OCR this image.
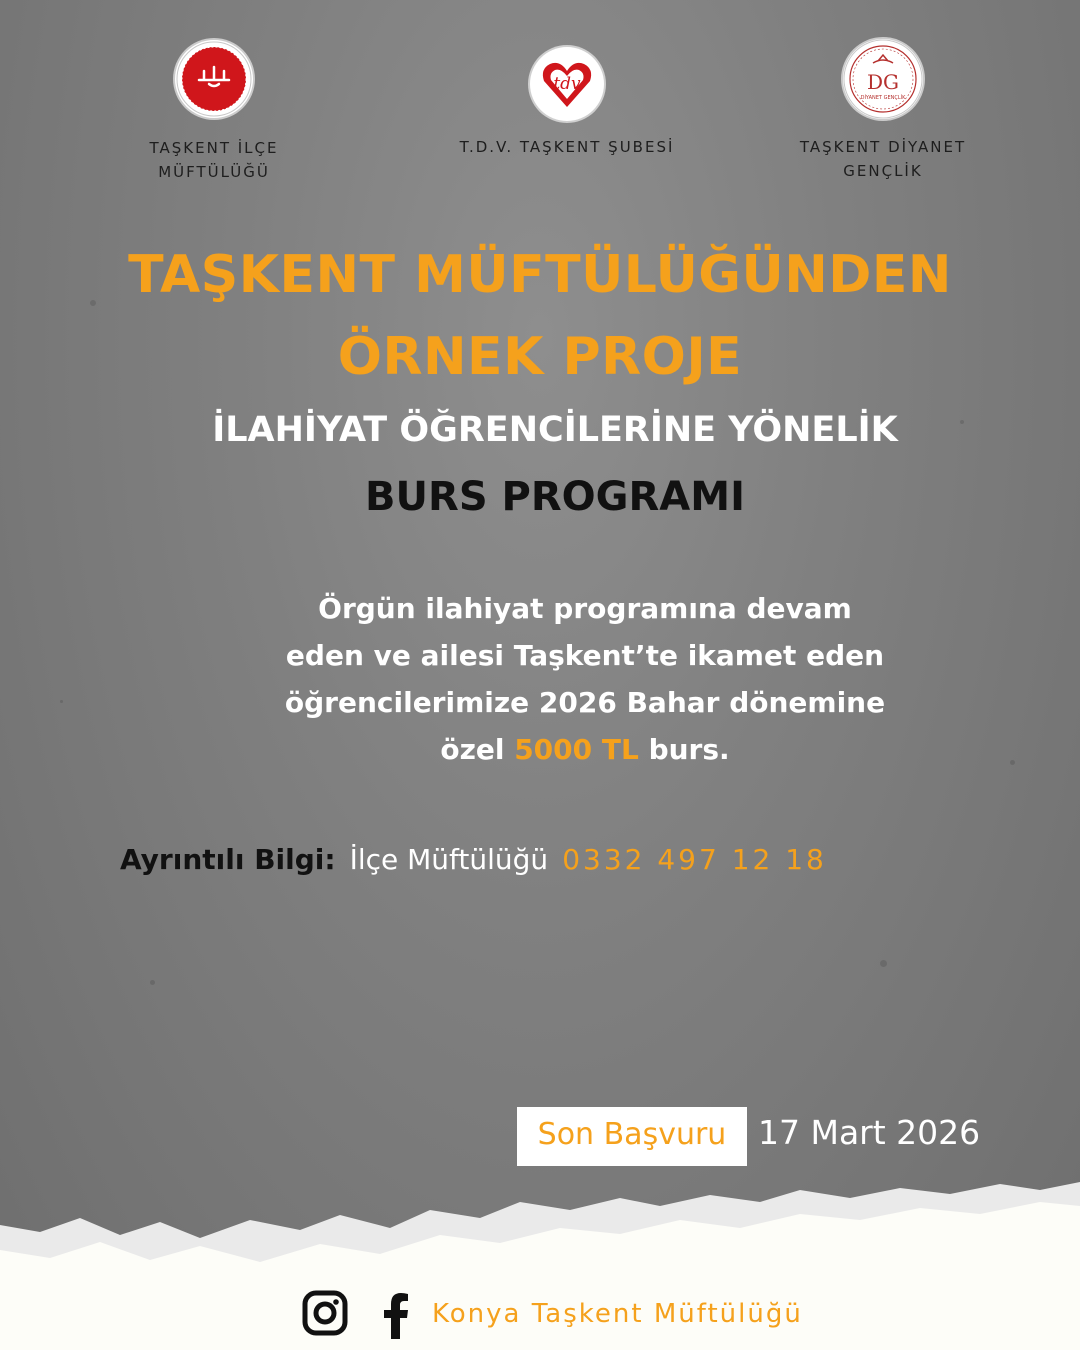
TAŞKENT İLÇE
MÜFTÜLÜĞÜ
tdv
T.D.V. TAŞKENT ŞUBESİ
DG
DİYANET GENÇLİK
TAŞKENT DİYANET
GENÇLİK
TAŞKENT MÜFTÜLÜĞÜNDEN
ÖRNEK PROJE
İLAHİYAT ÖĞRENCİLERİNE YÖNELİK
BURS PROGRAMI
Örgün ilahiyat programına devam
eden ve ailesi Taşkent’te ikamet eden
öğrencilerimize 2026 Bahar dönemine
özel 5000 TL burs.
Ayrıntılı Bilgi: İlçe Müftülüğü 0332 497 12 18
Son Başvuru 17 Mart 2026
Konya Taşkent Müftülüğü
